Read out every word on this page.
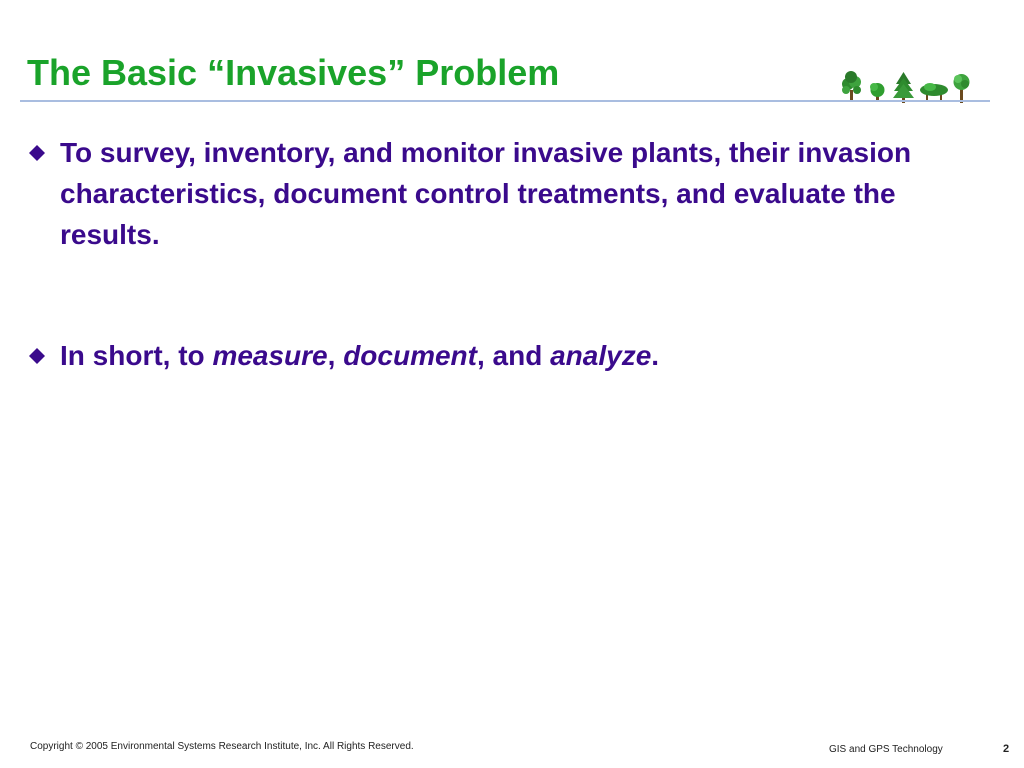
The Basic “Invasives” Problem
To survey, inventory, and monitor invasive plants, their invasion characteristics, document control treatments, and evaluate the results.
In short, to measure, document, and analyze.
Copyright © 2005 Environmental Systems Research Institute, Inc. All Rights Reserved.	GIS and GPS Technology	2
